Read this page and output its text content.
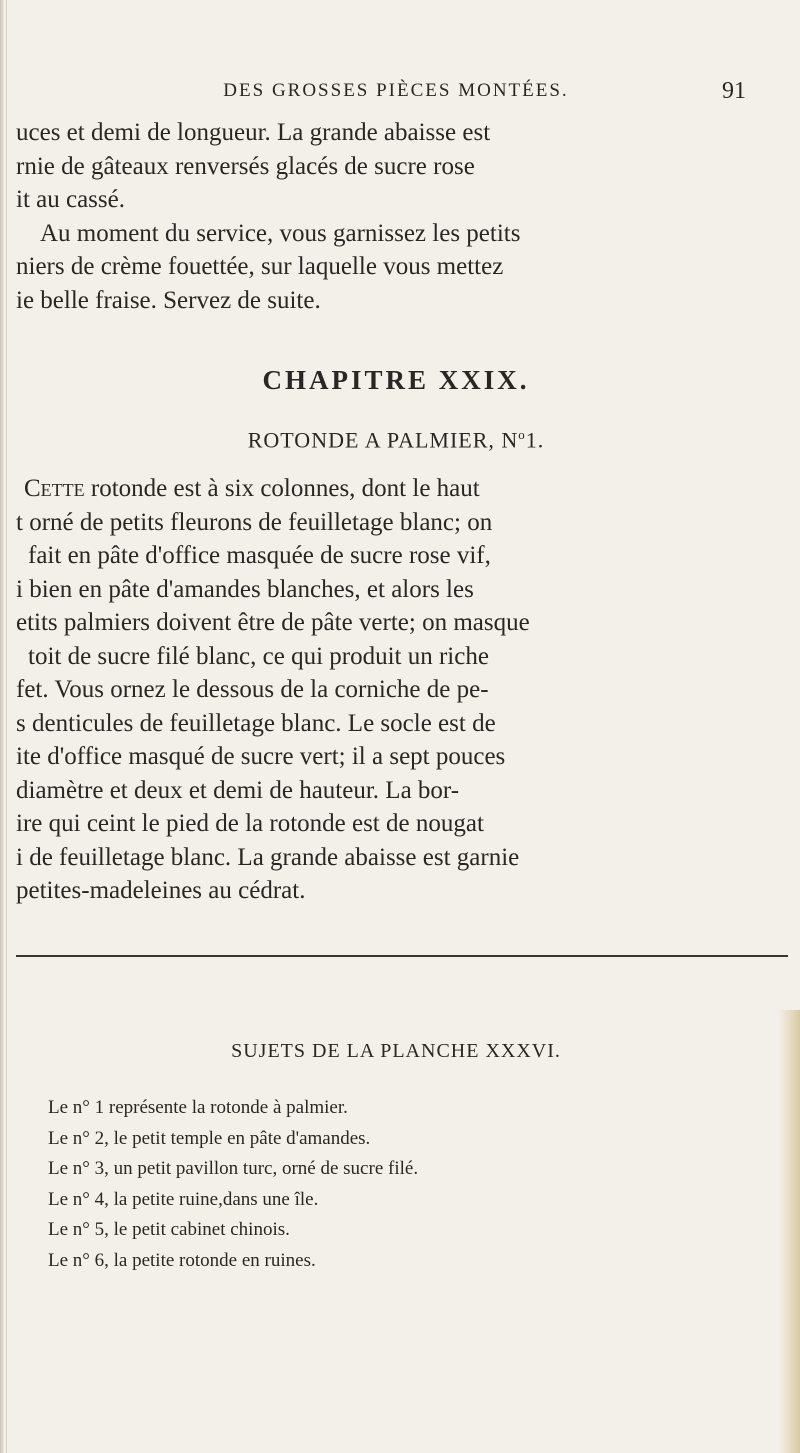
DES GROSSES PIÈCES MONTÉES.	91
uces et demi de longueur. La grande abaisse est
rnie de gâteaux renversés glacés de sucre rose
it au cassé.
Au moment du service, vous garnissez les petits
niers de crème fouettée, sur laquelle vous mettez
ie belle fraise. Servez de suite.
CHAPITRE XXIX.
ROTONDE A PALMIER, $N^o1$.
Cette rotonde est à six colonnes, dont le haut
t orné de petits fleurons de feuilletage blanc; on
fait en pâte d'office masquée de sucre rose vif,
i bien en pâte d'amandes blanches, et alors les
etits palmiers doivent être de pâte verte; on masque
toit de sucre filé blanc, ce qui produit un riche
fet. Vous ornez le dessous de la corniche de pe-
s denticules de feuilletage blanc. Le socle est de
ite d'office masqué de sucre vert; il a sept pouces
diamètre et deux et demi de hauteur. La bor-
ire qui ceint le pied de la rotonde est de nougat
i de feuilletage blanc. La grande abaisse est garnie
petites-madeleines au cédrat.
SUJETS DE LA PLANCHE XXXVI.
Le n° 1 représente la rotonde à palmier.
Le n° 2, le petit temple en pâte d'amandes.
Le n° 3, un petit pavillon turc, orné de sucre filé.
Le n° 4, la petite ruine,dans une île.
Le n° 5, le petit cabinet chinois.
Le n° 6, la petite rotonde en ruines.
